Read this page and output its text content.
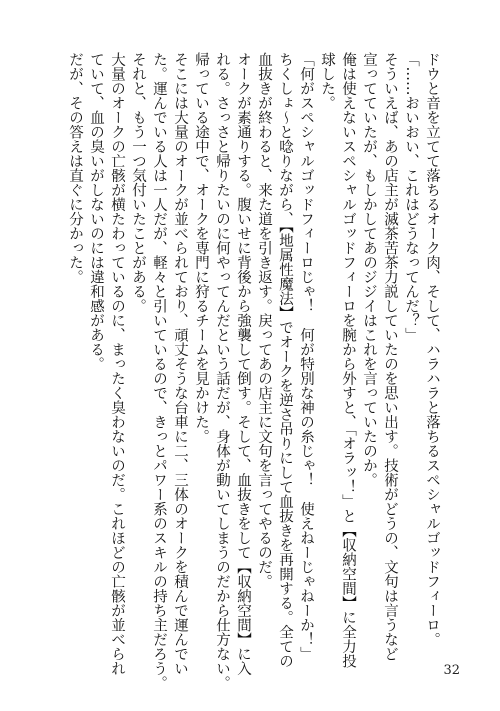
ドウと音を立てて落ちるオーク肉、そして、ハラハラと落ちるスペシャルゴッドフィーロ。
「……おいおい、これはどうなってんだ？」
そういえば、あの店主が滅茶苦茶力説していたのを思い出す。技術がどうの、文句は言うなど
宣ってていたが、もしかしてあのジジイはこれを言っていたのか。
俺は使えないスペシャルゴッドフィーロを腕から外すと、「オラッ！」と【収納空間】に全力投
球した。
「何がスペシャルゴッドフィーロじゃ！　何が特別な神の糸じゃ！　使えねーじゃねーか！」
ちくしょ～と唸りながら、【地属性魔法】でオークを逆さ吊りにして血抜きを再開する。全ての
血抜きが終わると、来た道を引き返す。戻ってあの店主に文句を言ってやるのだ。
オークが素通りする。腹いせに背後から強襲して倒す。そして、血抜きをして【収納空間】に入
れる。さっさと帰りたいのに何やってんだという話だが、身体が動いてしまうのだから仕方ない。
帰っている途中で、オークを専門に狩るチームを見かけた。
そこには大量のオークが並べられており、頑丈そうな台車に二、三体のオークを積んで運んでい
た。運んでいる人は一人だが、軽々と引いているので、きっとパワー系のスキルの持ち主だろう。
それと、もう一つ気付いたことがある。
大量のオークの亡骸が横たわっているのに、まったく臭わないのだ。これほどの亡骸が並べられ
ていて、血の臭いがしないのには違和感がある。
だが、その答えは直ぐに分かった。
32
